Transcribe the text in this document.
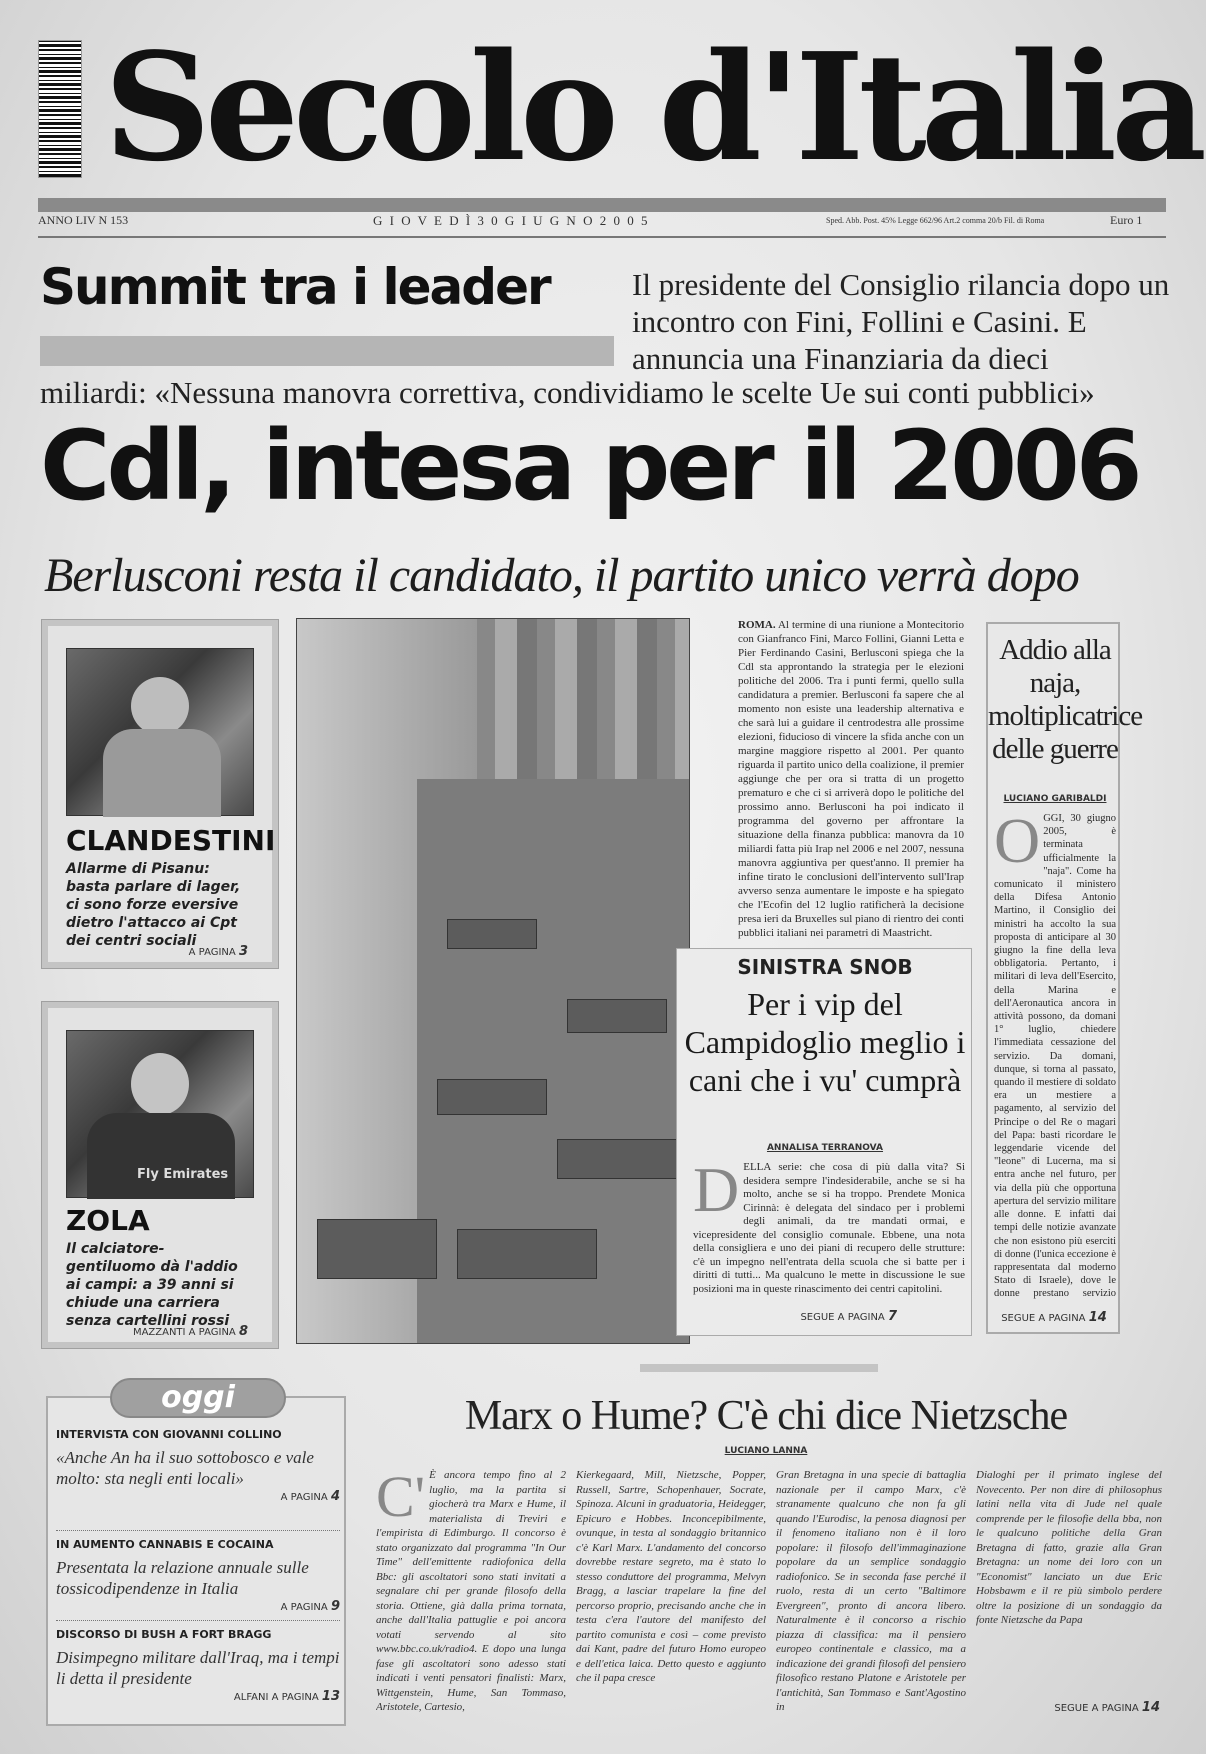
Secolo d'Italia
ANNO LIV N 153	G I O V E D Ì 3 0 G I U G N O 2 0 0 5	Sped. Abb. Post. 45% Legge 662/96 Art.2 comma 20/b Fil. di Roma	Euro 1
Summit tra i leader	Il presidente del Consiglio rilancia dopo un incontro con Fini, Follini e Casini. E annuncia una Finanziaria da dieci
miliardi: «Nessuna manovra correttiva, condividiamo le scelte Ue sui conti pubblici»
Cdl, intesa per il 2006
Berlusconi resta il candidato, il partito unico verrà dopo
CLANDESTINI
Allarme di Pisanu: basta parlare di lager, ci sono forze eversive dietro l'attacco ai Cpt dei centri sociali
A PAGINA 3
Fly Emirates
ZOLA
Il calciatore-gentiluomo dà l'addio ai campi: a 39 anni si chiude una carriera senza cartellini rossi
MAZZANTI A PAGINA 8
ROMA. Al termine di una riunione a Montecitorio con Gianfranco Fini, Marco Follini, Gianni Letta e Pier Ferdinando Casini, Berlusconi spiega che la Cdl sta approntando la strategia per le elezioni politiche del 2006. Tra i punti fermi, quello sulla candidatura a premier. Berlusconi fa sapere che al momento non esiste una leadership alternativa e che sarà lui a guidare il centrodestra alle prossime elezioni, fiducioso di vincere la sfida anche con un margine maggiore rispetto al 2001. Per quanto riguarda il partito unico della coalizione, il premier aggiunge che per ora si tratta di un progetto prematuro e che ci si arriverà dopo le politiche del prossimo anno. Berlusconi ha poi indicato il programma del governo per affrontare la situazione della finanza pubblica: manovra da 10 miliardi fatta più Irap nel 2006 e nel 2007, nessuna manovra aggiuntiva per quest'anno. Il premier ha infine tirato le conclusioni dell'intervento sull'Irap avverso senza aumentare le imposte e ha spiegato che l'Ecofin del 12 luglio ratificherà la decisione presa ieri da Bruxelles sul piano di rientro dei conti pubblici italiani nei parametri di Maastricht.
SINISTRA SNOB
Per i vip del Campidoglio meglio i cani che i vu' cumprà
ANNALISA TERRANOVA
D ELLA serie: che cosa di più dalla vita? Si desidera sempre l'indesiderabile, anche se si ha molto, anche se si ha troppo. Prendete Monica Cirinnà: è delegata del sindaco per i problemi degli animali, da tre mandati ormai, e vicepresidente del consiglio comunale. Ebbene, una nota della consigliera e uno dei piani di recupero delle strutture: c'è un impegno nell'entrata della scuola che si batte per i diritti di tutti... Ma qualcuno le mette in discussione le sue posizioni ma in queste rinascimento dei centri capitolini.
SEGUE A PAGINA 7
Addio alla naja, moltiplicatrice delle guerre
LUCIANO GARIBALDI
O GGI, 30 giugno 2005, è terminata ufficialmente la "naja". Come ha comunicato il ministero della Difesa Antonio Martino, il Consiglio dei ministri ha accolto la sua proposta di anticipare al 30 giugno la fine della leva obbligatoria. Pertanto, i militari di leva dell'Esercito, della Marina e dell'Aeronautica ancora in attività possono, da domani 1° luglio, chiedere l'immediata cessazione del servizio. Da domani, dunque, si torna al passato, quando il mestiere di soldato era un mestiere a pagamento, al servizio del Principe o del Re o magari del Papa: basti ricordare le leggendarie vicende del "leone" di Lucerna, ma si entra anche nel futuro, per via della più che opportuna apertura del servizio militare alle donne. E infatti dai tempi delle notizie avanzate che non esistono più eserciti di donne (l'unica eccezione è rappresentata dal moderno Stato di Israele), dove le donne prestano servizio
SEGUE A PAGINA 14
INTERVISTA CON GIOVANNI COLLINO
«Anche An ha il suo sottobosco e vale molto: sta negli enti locali»
A PAGINA 4
IN AUMENTO CANNABIS E COCAINA
Presentata la relazione annuale sulle tossicodipendenze in Italia
A PAGINA 9
DISCORSO DI BUSH A FORT BRAGG
Disimpegno militare dall'Iraq, ma i tempi li detta il presidente
ALFANI A PAGINA 13
oggi	Marx o Hume? C'è chi dice Nietzsche
LUCIANO LANNA
C' È ancora tempo fino al 2 luglio, ma la partita si giocherà tra Marx e Hume, il materialista di Treviri e l'empirista di Edimburgo. Il concorso è stato organizzato dal programma "In Our Time" dell'emittente radiofonica della Bbc: gli ascoltatori sono stati invitati a segnalare chi per grande filosofo della storia. Ottiene, già dalla prima tornata, anche dall'Italia pattuglie e poi ancora votati servendo al sito www.bbc.co.uk/radio4. E dopo una lunga fase gli ascoltatori sono adesso stati indicati i venti pensatori finalisti: Marx, Wittgenstein, Hume, San Tommaso, Aristotele, Cartesio,
Kierkegaard, Mill, Nietzsche, Popper, Russell, Sartre, Schopenhauer, Socrate, Spinoza. Alcuni in graduatoria, Heidegger, Epicuro e Hobbes. Inconcepibilmente, ovunque, in testa al sondaggio britannico c'è Karl Marx. L'andamento del concorso dovrebbe restare segreto, ma è stato lo stesso conduttore del programma, Melvyn Bragg, a lasciar trapelare la fine del percorso proprio, precisando anche che in testa c'era l'autore del manifesto del partito comunista e così – come previsto dai Kant, padre del futuro Homo europeo e dell'etica laica. Detto questo e aggiunto che il papa cresce
Gran Bretagna in una specie di battaglia nazionale per il campo Marx, c'è stranamente qualcuno che non fa gli quando l'Eurodisc, la penosa diagnosi per il fenomeno italiano non è il loro popolare: il filosofo dell'immaginazione popolare da un semplice sondaggio radiofonico. Se in seconda fase perché il ruolo, resta di un certo "Baltimore Evergreen", pronto di ancora libero. Naturalmente è il concorso a rischio piazza di classifica: ma il pensiero europeo continentale e classico, ma a indicazione dei grandi filosofi del pensiero filosofico restano Platone e Aristotele per l'antichità, San Tommaso e Sant'Agostino in
Dialoghi per il primato inglese del Novecento. Per non dire di philosophus latini nella vita di Jude nel quale comprende per le filosofie della bba, non le qualcuno politiche della Gran Bretagna di fatto, grazie alla Gran Bretagna: un nome dei loro con un "Economist" lanciato un due Eric Hobsbawm e il re più simbolo perdere oltre la posizione di un sondaggio da fonte Nietzsche da Papa
SEGUE A PAGINA 14
